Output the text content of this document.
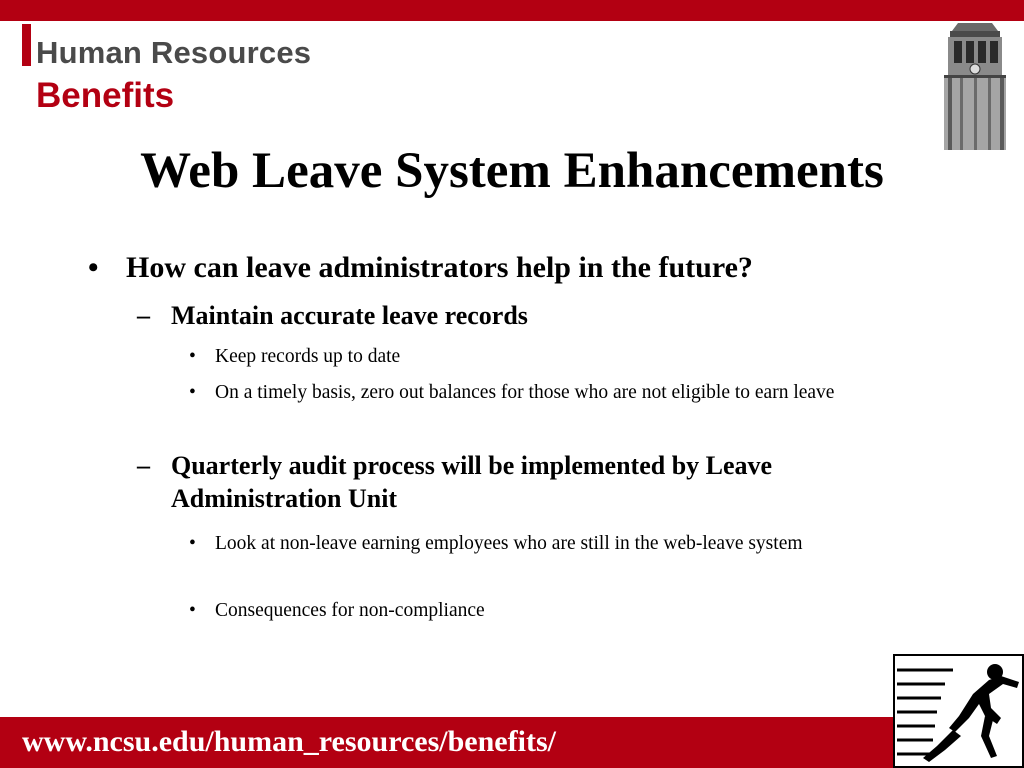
Human Resources
Benefits
Web Leave System Enhancements
• How can leave administrators help in the future?
– Maintain accurate leave records
• Keep records up to date
• On a timely basis, zero out balances for those who are not eligible to earn leave
– Quarterly audit process will be implemented by Leave Administration Unit
• Look at non-leave earning employees who are still in the web-leave system
• Consequences for non-compliance
www.ncsu.edu/human_resources/benefits/
